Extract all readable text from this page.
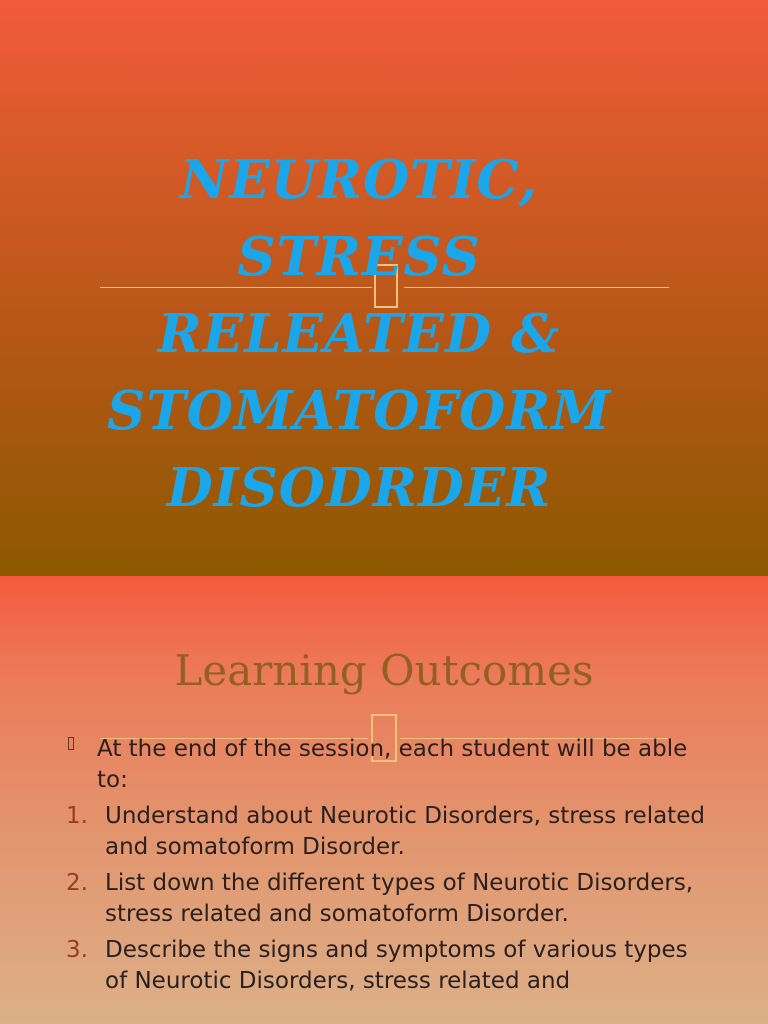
NEUROTIC,
STRESS
RELEATED &
STOMATOFORM
DISODRDER
Learning Outcomes
At the end of the session, each student will be able to:
1. Understand about Neurotic Disorders, stress related and somatoform Disorder.
2. List down the different types of Neurotic Disorders, stress related and somatoform Disorder.
3. Describe the signs and symptoms of various types of Neurotic Disorders, stress related and
